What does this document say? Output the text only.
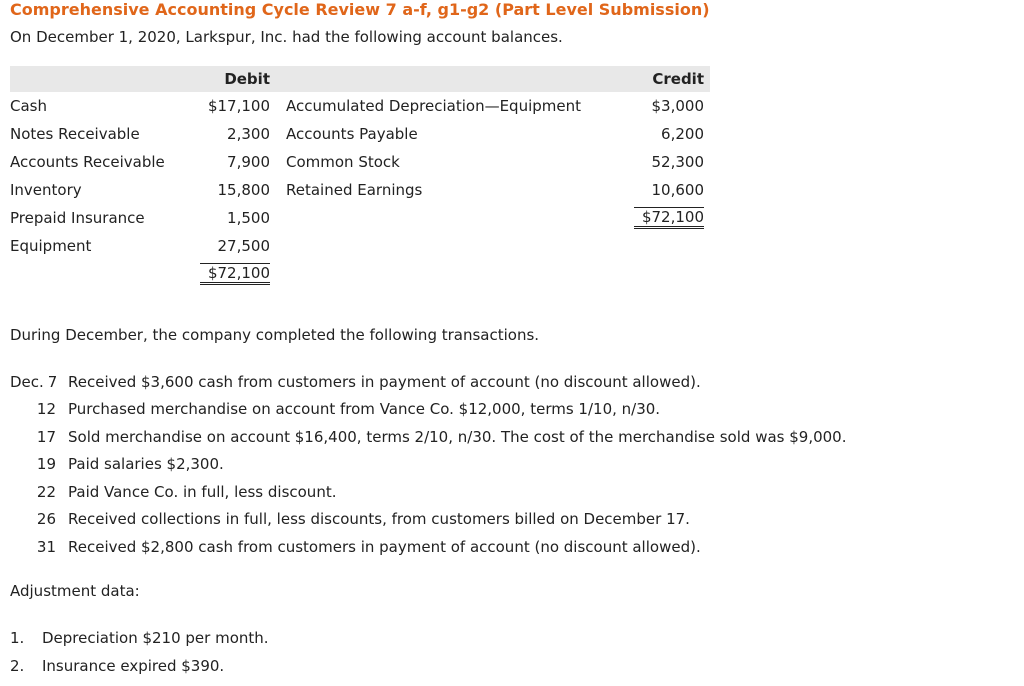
Comprehensive Accounting Cycle Review 7 a-f, g1-g2 (Part Level Submission)
On December 1, 2020, Larkspur, Inc. had the following account balances.
	Debit		Credit
Cash	$17,100	Accumulated Depreciation—Equipment	$3,000
Notes Receivable	2,300	Accounts Payable	6,200
Accounts Receivable	7,900	Common Stock	52,300
Inventory	15,800	Retained Earnings	10,600
Prepaid Insurance	1,500		$72,100
Equipment	27,500		
	$72,100		
During December, the company completed the following transactions.
Dec. 7 Received $3,600 cash from customers in payment of account (no discount allowed).
12 Purchased merchandise on account from Vance Co. $12,000, terms 1/10, n/30.
17 Sold merchandise on account $16,400, terms 2/10, n/30. The cost of the merchandise sold was $9,000.
19 Paid salaries $2,300.
22 Paid Vance Co. in full, less discount.
26 Received collections in full, less discounts, from customers billed on December 17.
31 Received $2,800 cash from customers in payment of account (no discount allowed).
Adjustment data:
1.	Depreciation $210 per month.
2.	Insurance expired $390.
